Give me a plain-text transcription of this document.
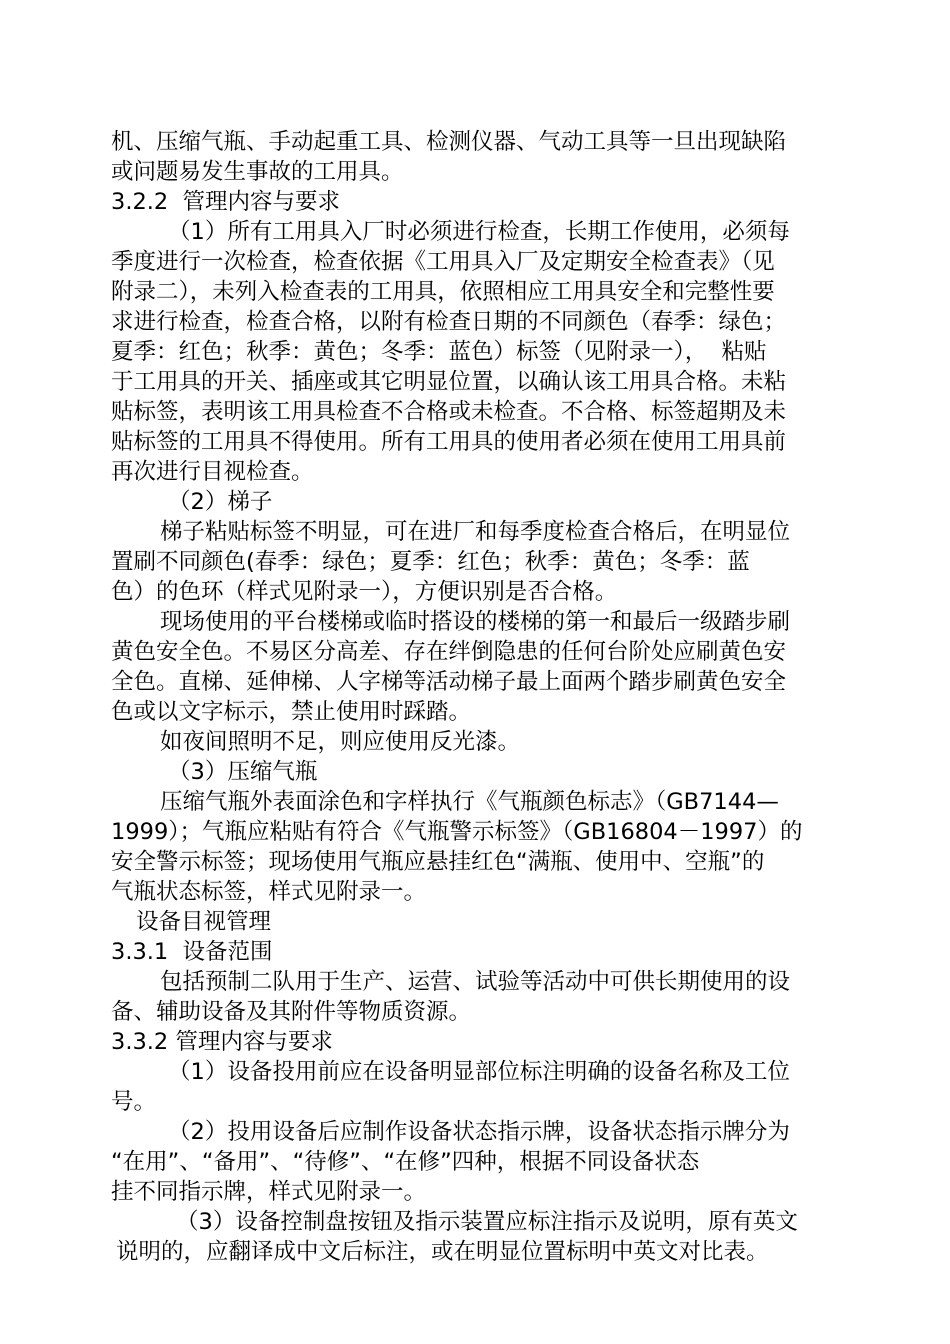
机、压缩气瓶、手动起重工具、检测仪器、气动工具等一旦出现缺陷
或问题易发生事故的工用具。
3.2.2  管理内容与要求
（1）所有工用具入厂时必须进行检查，长期工作使用，必须每
季度进行一次检查，检查依据《工用具入厂及定期安全检查表》（见
附录二），未列入检查表的工用具，依照相应工用具安全和完整性要
求进行检查，检查合格，以附有检查日期的不同颜色（春季：绿色；
夏季：红色；秋季：黄色；冬季：蓝色）标签（见附录一），  粘贴
于工用具的开关、插座或其它明显位置，以确认该工用具合格。未粘
贴标签，表明该工用具检查不合格或未检查。不合格、标签超期及未
贴标签的工用具不得使用。所有工用具的使用者必须在使用工用具前
再次进行目视检查。
（2）梯子
梯子粘贴标签不明显，可在进厂和每季度检查合格后，在明显位
置刷不同颜色(春季：绿色；夏季：红色；秋季：黄色；冬季：蓝
色）的色环（样式见附录一），方便识别是否合格。
现场使用的平台楼梯或临时搭设的楼梯的第一和最后一级踏步刷
黄色安全色。不易区分高差、存在绊倒隐患的任何台阶处应刷黄色安
全色。直梯、延伸梯、人字梯等活动梯子最上面两个踏步刷黄色安全
色或以文字标示，禁止使用时踩踏。
如夜间照明不足，则应使用反光漆。
（3）压缩气瓶
压缩气瓶外表面涂色和字样执行《气瓶颜色标志》（GB7144—
1999）；气瓶应粘贴有符合《气瓶警示标签》（GB16804－1997）的
安全警示标签；现场使用气瓶应悬挂红色“满瓶、使用中、空瓶”的
气瓶状态标签，样式见附录一。
设备目视管理
3.3.1  设备范围
包括预制二队用于生产、运营、试验等活动中可供长期使用的设
备、辅助设备及其附件等物质资源。
3.3.2 管理内容与要求
（1）设备投用前应在设备明显部位标注明确的设备名称及工位
号。
（2）投用设备后应制作设备状态指示牌，设备状态指示牌分为
“在用”、“备用”、“待修”、“在修”四种，根据不同设备状态
挂不同指示牌，样式见附录一。
（3）设备控制盘按钮及指示装置应标注指示及说明，原有英文
说明的，应翻译成中文后标注，或在明显位置标明中英文对比表。
